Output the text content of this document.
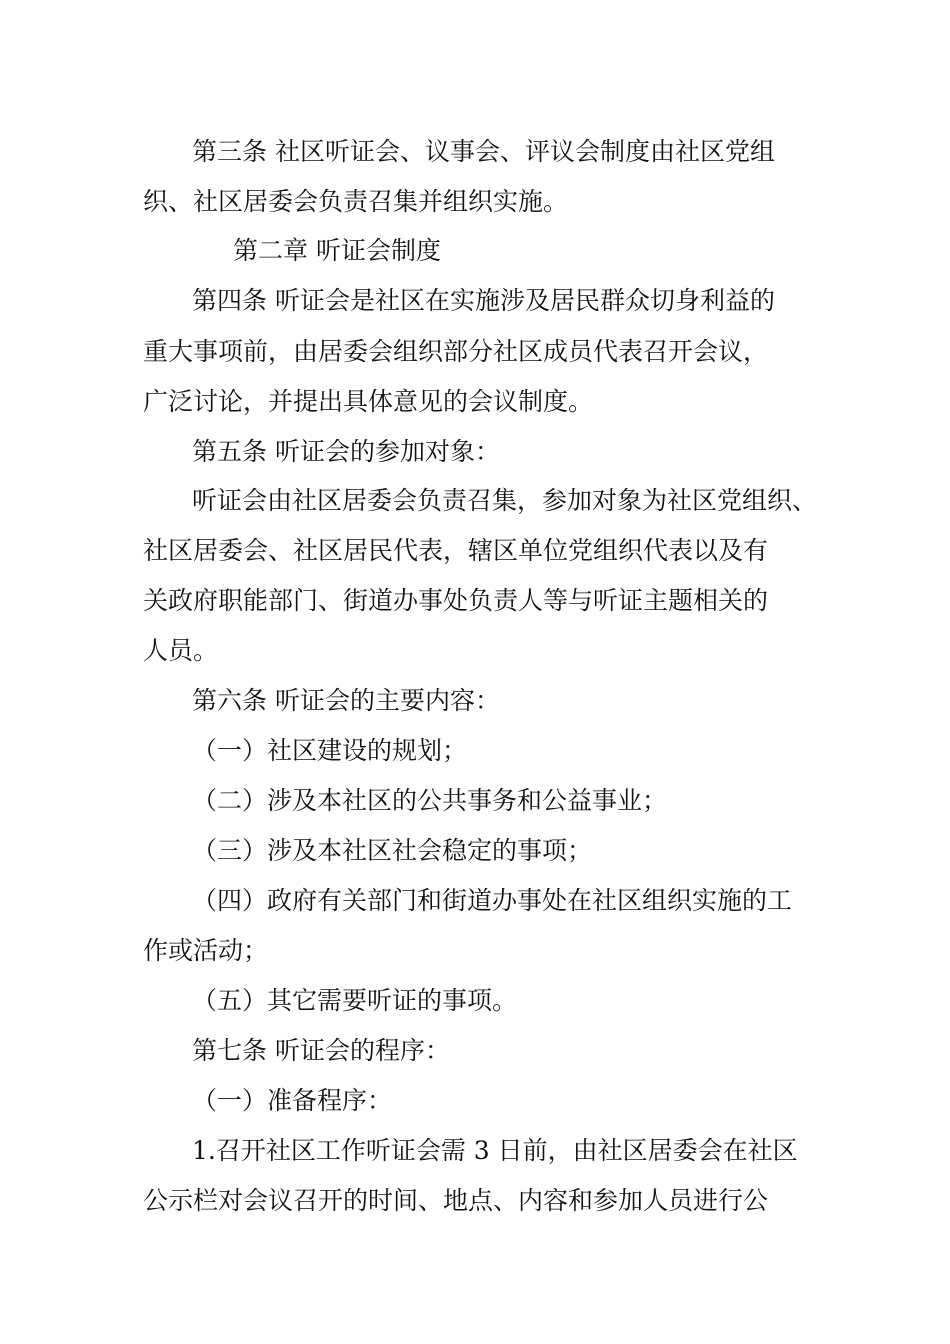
第三条 社区听证会、议事会、评议会制度由社区党组
织、社区居委会负责召集并组织实施。
第二章 听证会制度
第四条 听证会是社区在实施涉及居民群众切身利益的
重大事项前，由居委会组织部分社区成员代表召开会议，
广泛讨论，并提出具体意见的会议制度。
第五条 听证会的参加对象：
听证会由社区居委会负责召集，参加对象为社区党组织、
社区居委会、社区居民代表，辖区单位党组织代表以及有
关政府职能部门、街道办事处负责人等与听证主题相关的
人员。
第六条 听证会的主要内容：
（一）社区建设的规划；
（二）涉及本社区的公共事务和公益事业；
（三）涉及本社区社会稳定的事项；
（四）政府有关部门和街道办事处在社区组织实施的工
作或活动；
（五）其它需要听证的事项。
第七条 听证会的程序：
（一）准备程序：
1.召开社区工作听证会需 3 日前，由社区居委会在社区
公示栏对会议召开的时间、地点、内容和参加人员进行公
